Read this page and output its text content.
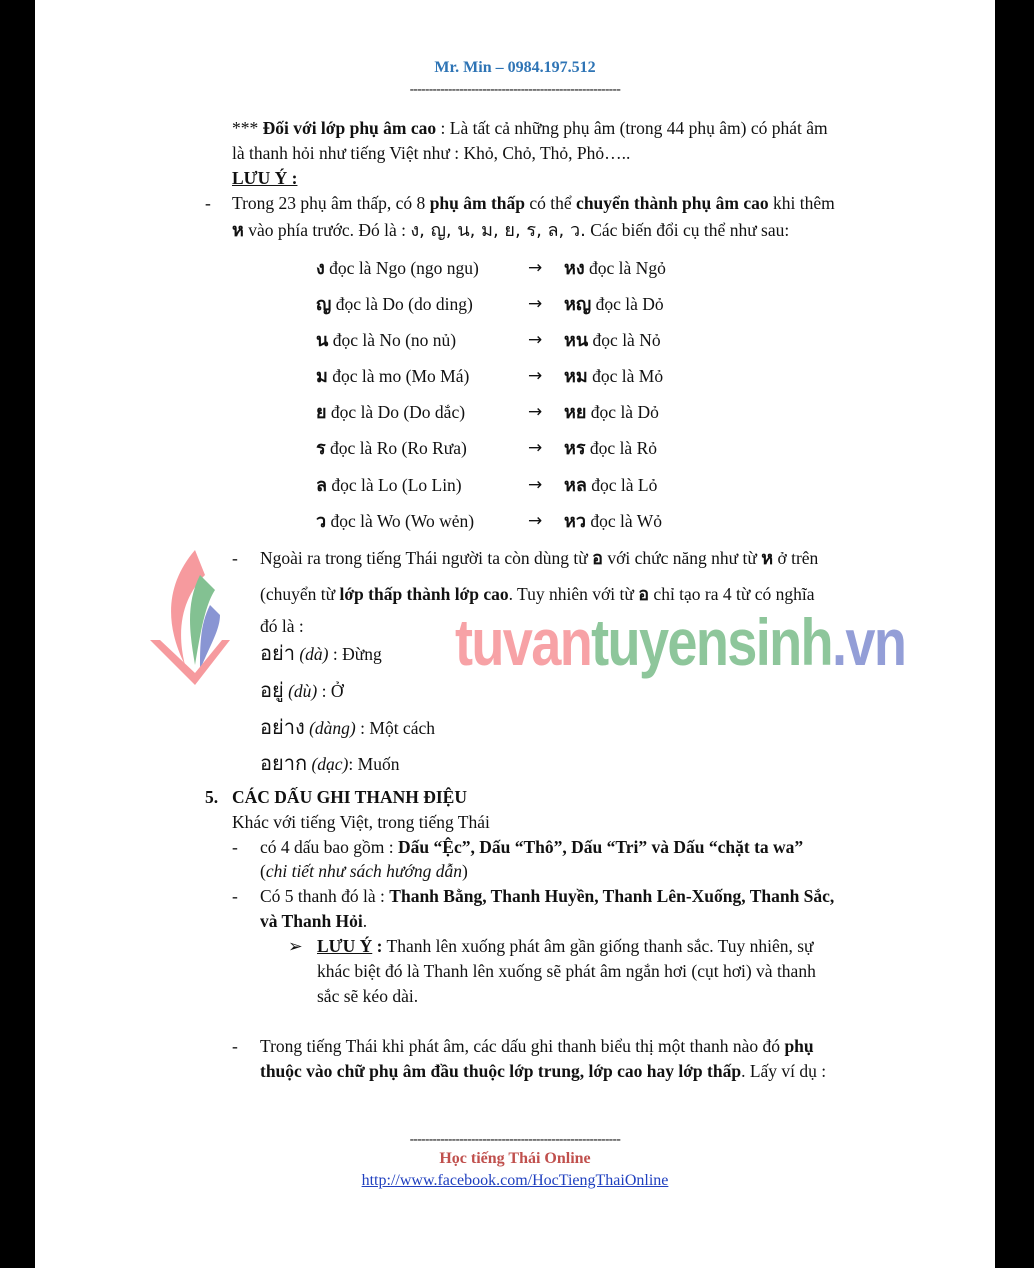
Mr. Min – 0984.197.512
-------------------------------------------------------
*** Đối với lớp phụ âm cao : Là tất cả những phụ âm (trong 44 phụ âm) có phát âm
là thanh hỏi như tiếng Việt như : Khỏ, Chỏ, Thỏ, Phỏ…..
LƯU Ý :
- Trong 23 phụ âm thấp, có 8 phụ âm thấp có thể chuyển thành phụ âm cao khi thêm
ห vào phía trước. Đó là : ง, ญ, น, ม, ย, ร, ล, ว. Các biến đổi cụ thể như sau:
ง đọc là Ngo (ngo ngu)	→ หง đọc là Ngỏ
ญ đọc là Do (do ding)	→ หญ đọc là Dỏ
น đọc là No (no nủ)	→ หน đọc là Nỏ
ม đọc là mo (Mo Má)	→ หม đọc là Mỏ
ย đọc là Do (Do dắc)	→ หย đọc là Dỏ
ร đọc là Ro (Ro Rưa)	→ หร đọc là Rỏ
ล đọc là Lo (Lo Lin)	→ หล đọc là Lỏ
ว đọc là Wo (Wo wẻn)	→ หว đọc là Wỏ
tuvantuyensinh.vn
- Ngoài ra trong tiếng Thái người ta còn dùng từ อ với chức năng như từ ห ở trên
(chuyển từ lớp thấp thành lớp cao. Tuy nhiên với từ อ chỉ tạo ra 4 từ có nghĩa
đó là :
อย่า (dà) : Đừng
อยู่ (dù) : Ở
อย่าง (dàng) : Một cách
อยาก (dạc): Muốn
5. CÁC DẤU GHI THANH ĐIỆU
Khác với tiếng Việt, trong tiếng Thái
- có 4 dấu bao gồm : Dấu “Ệc”, Dấu “Thô”, Dấu “Tri” và Dấu “chặt ta wa”
(chi tiết như sách hướng dẫn)
- Có 5 thanh đó là : Thanh Bằng, Thanh Huyền, Thanh Lên-Xuống, Thanh Sắc,
và Thanh Hỏi.
➢ LƯU Ý : Thanh lên xuống phát âm gần giống thanh sắc. Tuy nhiên, sự
khác biệt đó là Thanh lên xuống sẽ phát âm ngắn hơi (cụt hơi) và thanh
sắc sẽ kéo dài.
- Trong tiếng Thái khi phát âm, các dấu ghi thanh biểu thị một thanh nào đó phụ
thuộc vào chữ phụ âm đầu thuộc lớp trung, lớp cao hay lớp thấp. Lấy ví dụ :
-------------------------------------------------------
Học tiếng Thái Online
http://www.facebook.com/HocTiengThaiOnline
